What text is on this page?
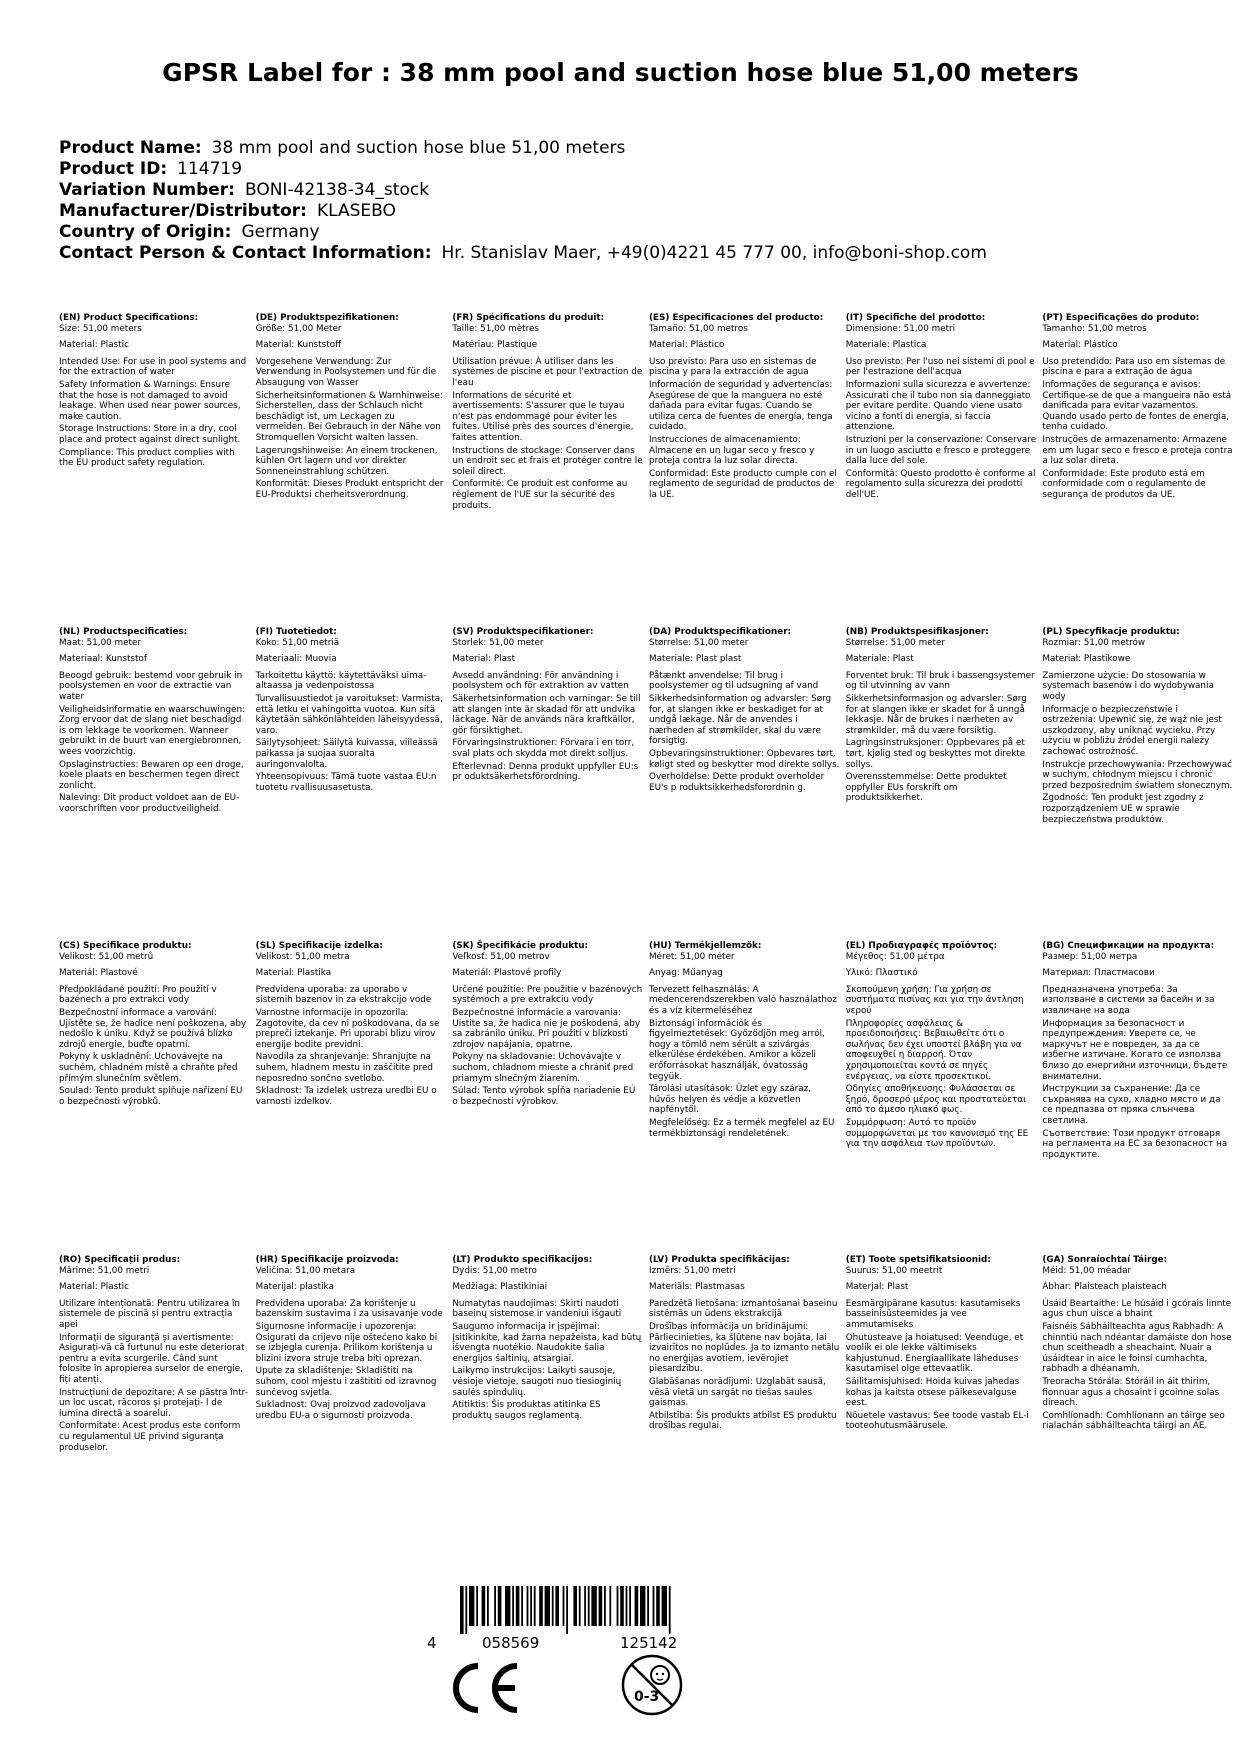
GPSR Label for : 38 mm pool and suction hose blue 51,00 meters
Product Name: 38 mm pool and suction hose blue 51,00 meters
Product ID: 114719
Variation Number: BONI-42138-34_stock
Manufacturer/Distributor: KLASEBO
Country of Origin: Germany
Contact Person & Contact Information: Hr. Stanislav Maer, +49(0)4221 45 777 00, info@boni-shop.com
(EN) Product Specifications:

Size: 51,00 meters

Material: Plastic

Intended Use: For use in pool systems and for the extraction of water

Safety Information & Warnings: Ensure that the hose is not damaged to avoid leakage. When used near power sources, make caution.

Storage Instructions: Store in a dry, cool place and protect against direct sunlight.

Compliance: This product complies with the EU product safety regulation.

(DE) Produktspezifikationen:

Größe: 51,00 Meter

Material: Kunststoff

Vorgesehene Verwendung: Zur Verwendung in Poolsystemen und für die Absaugung von Wasser

Sicherheitsinformationen & Warnhinweise: Sicherstellen, dass der Schlauch nicht beschädigt ist, um Leckagen zu vermeiden. Bei Gebrauch in der Nähe von Stromquellen Vorsicht walten lassen.

Lagerungshinweise: An einem trockenen, kühlen Ort lagern und vor direkter Sonneneinstrahlung schützen.

Konformität: Dieses Produkt entspricht der EU-Produktsi cherheitsverordnung.

(FR) Spécifications du produit:

Taille: 51,00 mètres

Matériau: Plastique

Utilisation prévue: À utiliser dans les systèmes de piscine et pour l'extraction de l'eau

Informations de sécurité et avertissements: S'assurer que le tuyau n'est pas endommagé pour éviter les fuites. Utilisé près des sources d'énergie, faites attention.

Instructions de stockage: Conserver dans un endroit sec et frais et protéger contre le soleil direct.

Conformité: Ce produit est conforme au règlement de l'UE sur la sécurité des produits.

(ES) Especificaciones del producto:

Tamaño: 51,00 metros

Material: Plástico

Uso previsto: Para uso en sistemas de piscina y para la extracción de agua

Información de seguridad y advertencias: Asegúrese de que la manguera no esté dañada para evitar fugas. Cuando se utiliza cerca de fuentes de energía, tenga cuidado.

Instrucciones de almacenamiento: Almacene en un lugar seco y fresco y proteja contra la luz solar directa.

Conformidad: Este producto cumple con el reglamento de seguridad de productos de la UE.

(IT) Specifiche del prodotto:

Dimensione: 51,00 metri

Materiale: Plastica

Uso previsto: Per l'uso nei sistemi di pool e per l'estrazione dell'acqua

Informazioni sulla sicurezza e avvertenze: Assicurati che il tubo non sia danneggiato per evitare perdite. Quando viene usato vicino a fonti di energia, si faccia attenzione.

Istruzioni per la conservazione: Conservare in un luogo asciutto e fresco e proteggere dalla luce del sole.

Conformità: Questo prodotto è conforme al regolamento sulla sicurezza dei prodotti dell'UE.

(PT) Especificações do produto:

Tamanho: 51,00 metros

Material: Plástico

Uso pretendido: Para uso em sistemas de piscina e para a extração de água

Informações de segurança e avisos: Certifique-se de que a mangueira não está danificada para evitar vazamentos. Quando usado perto de fontes de energia, tenha cuidado.

Instruções de armazenamento: Armazene em um lugar seco e fresco e proteja contra a luz solar direta.

Conformidade: Este produto está em conformidade com o regulamento de segurança de produtos da UE.

(NL) Productspecificaties:

Maat: 51,00 meter

Materiaal: Kunststof

Beoogd gebruik: bestemd voor gebruik in poolsystemen en voor de extractie van water

Veiligheidsinformatie en waarschuwingen: Zorg ervoor dat de slang niet beschadigd is om lekkage te voorkomen. Wanneer gebruikt in de buurt van energiebronnen, wees voorzichtig.

Opslaginstructies: Bewaren op een droge, koele plaats en beschermen tegen direct zonlicht.

Naleving: Dit product voldoet aan de EU-voorschriften voor productveiligheid.

(FI) Tuotetiedot:

Koko: 51,00 metriä

Materiaali: Muovia

Tarkoitettu käyttö: käytettäväksi uima-altaassa ja vedenpoistossa

Turvallisuustiedot ja varoitukset: Varmista, että letku ei vahingoitta vuotoa. Kun sitä käytetään sähkönlähteiden läheisyydessä, varo.

Säilytysohjeet: Säilytä kuivassa, viileässä paikassa ja suojaa suoralta auringonvalolta.

Yhteensopivuus: Tämä tuote vastaa EU:n tuotetu rvallisuusasetusta.

(SV) Produktspecifikationer:

Storlek: 51,00 meter

Material: Plast

Avsedd användning: För användning i poolsystem och för extraktion av vatten

Säkerhetsinformation och varningar: Se till att slangen inte är skadad för att undvika läckage. När de används nära kraftkällor, gör försiktighet.

Förvaringsinstruktioner: Förvara i en torr, sval plats och skydda mot direkt solljus.

Efterlevnad: Denna produkt uppfyller EU:s pr oduktsäkerhetsförordning.

(DA) Produktspecifikationer:

Størrelse: 51,00 meter

Materiale: Plast plast

Påtænkt anvendelse: Til brug i poolsystemer og til udsugning af vand

Sikkerhedsinformation og advarsler: Sørg for, at slangen ikke er beskadiget for at undgå lækage. Når de anvendes i nærheden af strømkilder, skal du være forsigtig.

Opbevaringsinstruktioner: Opbevares tørt, køligt sted og beskytter mod direkte sollys.

Overholdelse: Dette produkt overholder EU's p roduktsikkerhedsforordnin g.

(NB) Produktspesifikasjoner:

Størrelse: 51,00 meter

Materiale: Plast

Forventet bruk: Til bruk i bassengsystemer og til utvinning av vann

Sikkerhetsinformasjon og advarsler: Sørg for at slangen ikke er skadet for å unngå lekkasje. Når de brukes i nærheten av strømkilder, må du være forsiktig.

Lagringsinstruksjoner: Oppbevares på et tørt, kjølig sted og beskyttes mot direkte sollys.

Overensstemmelse: Dette produktet oppfyller EUs forskrift om produktsikkerhet.

(PL) Specyfikacje produktu:

Rozmiar: 51,00 metrów

Materiał: Plastikowe

Zamierzone użycie: Do stosowania w systemach basenów i do wydobywania wody

Informacje o bezpieczeństwie i ostrzeżenia: Upewnić się, że wąż nie jest uszkodzony, aby uniknąć wycieku. Przy użyciu w pobliżu źródeł energii należy zachować ostrożność.

Instrukcje przechowywania: Przechowywać w suchym, chłodnym miejscu i chronić przed bezpośrednim światłem słonecznym.

Zgodność: Ten produkt jest zgodny z rozporządzeniem UE w sprawie bezpieczeństwa produktów.

(CS) Specifikace produktu:

Velikost: 51,00 metrů

Materiál: Plastové

Předpokládané použití: Pro použití v bazénech a pro extrakci vody

Bezpečnostní informace a varování: Ujistěte se, že hadice není poškozena, aby nedošlo k úniku. Když se používá blízko zdrojů energie, buďte opatrní.

Pokyny k uskladnění: Uchovávejte na suchém, chladném místě a chraňte před přímým slunečním světlem.

Soulad: Tento produkt splňuje nařízení EU o bezpečnosti výrobků.

(SL) Specifikacije izdelka:

Velikost: 51,00 metra

Material: Plastika

Predvidena uporaba: za uporabo v sistemih bazenov in za ekstrakcijo vode

Varnostne informacije in opozorila: Zagotovite, da cev ni poškodovana, da se prepreči iztekanje. Pri uporabi blizu virov energije bodite previdni.

Navodila za shranjevanje: Shranjujte na suhem, hladnem mestu in zaščitite pred neposredno sončno svetlobo.

Skladnost: Ta izdelek ustreza uredbi EU o varnosti izdelkov.

(SK) Špecifikácie produktu:

Veľkosť: 51,00 metrov

Materiál: Plastové profily

Určené použitie: Pre použitie v bazénových systémoch a pre extrakciu vody

Bezpečnostné informácie a varovania: Uistite sa, že hadica nie je poškodená, aby sa zabránilo úniku. Pri použití v blízkosti zdrojov napájania, opatrne.

Pokyny na skladovanie: Uchovávajte v suchom, chladnom mieste a chrániť pred priamym slnečným žiarením.

Súlad: Tento výrobok spĺňa nariadenie EÚ o bezpečnosti výrobkov.

(HU) Termékjellemzők:

Méret: 51,00 méter

Anyag: Műanyag

Tervezett felhasználás: A medencerendszerekben való használathoz és a víz kitermeléséhez

Biztonsági információk és figyelmeztetések: Győződjön meg arról, hogy a tömlő nem sérült a szivárgás elkerülése érdekében. Amikor a közeli erőforrásokat használják, óvatosság tegyük.

Tárolási utasítások: Üzlet egy száraz, hűvös helyen és védje a közvetlen napfénytől.

Megfelelőség: Ez a termék megfelel az EU termékbiztonsági rendeletének.

(EL) Προδιαγραφές προϊόντος:

Μέγεθος: 51,00 μέτρα

Υλικό: Πλαστικό

Σκοπούμενη χρήση: Για χρήση σε συστήματα πισίνας και για την άντληση νερού

Πληροφορίες ασφάλειας & προειδοποιήσεις: Βεβαιωθείτε ότι ο σωλήνας δεν έχει υποστεί βλάβη για να αποφευχθεί η διαρροή. Όταν χρησιμοποιείται κοντά σε πηγές ενέργειας, να είστε προσεκτικοί.

Οδηγίες αποθήκευσης: Φυλάσσεται σε ξηρό, δροσερό μέρος και προστατεύεται από το άμεσο ηλιακό φως.

Συμμόρφωση: Αυτό το προϊόν συμμορφώνεται με τον κανονισμό της ΕΕ για την ασφάλεια των προϊόντων.

(BG) Спецификации на продукта:

Размер: 51,00 метра

Материал: Пластмасови

Предназначена употреба: За използване в системи за басейн и за извличане на вода

Информация за безопасност и предупреждения: Уверете се, че маркучът не е повреден, за да се избегне изтичане. Когато се използва близо до енергийни източници, бъдете внимателни.

Инструкции за съхранение: Да се съхранява на сухо, хладно място и да се предпазва от пряка слънчева светлина.

Съответствие: Този продукт отговаря на регламента на ЕС за безопасност на продуктите.

(RO) Specificații produs:

Mărime: 51,00 metri

Material: Plastic

Utilizare intenționată: Pentru utilizarea în sistemele de piscină și pentru extracția apei

Informații de siguranță și avertismente: Asigurați-vă că furtunul nu este deteriorat pentru a evita scurgerile. Când sunt folosite în apropierea surselor de energie, fiți atenți.

Instrucțiuni de depozitare: A se păstra într- un loc uscat, răcoros și protejați- l de lumina directă a soarelui.

Conformitate: Acest produs este conform cu regulamentul UE privind siguranța produselor.

(HR) Specifikacije proizvoda:

Veličina: 51,00 metara

Materijal: plastika

Predviđena uporaba: Za korištenje u bazenskim sustavima i za usisavanje vode

Sigurnosne informacije i upozorenja: Osigurati da crijevo nije oštećeno kako bi se izbjegla curenja. Prilikom korištenja u blizini izvora struje treba biti oprezan.

Upute za skladištenje: Skladištiti na suhom, cool mjestu i zaštititi od izravnog sunčevog svjetla.

Sukladnost: Ovaj proizvod zadovoljava uredbu EU-a o sigurnosti proizvoda.

(LT) Produkto specifikacijos:

Dydis: 51,00 metro

Medžiaga: Plastikiniai

Numatytas naudojimas: Skirti naudoti baseinų sistemose ir vandeniui išgauti

Saugumo informacija ir įspėjimai: Įsitikinkite, kad žarna nepažeista, kad būtų išvengta nuotėkio. Naudokite šalia energijos šaltinių, atsargiai.

Laikymo instrukcijos: Laikyti sausoje, vėsioje vietoje, saugoti nuo tiesioginių saulės spindulių.

Atitiktis: Šis produktas atitinka ES produktų saugos reglamentą.

(LV) Produkta specifikācijas:

Izmērs: 51,00 metri

Materiāls: Plastmasas

Paredzētā lietošana: izmantošanai baseinu sistēmās un ūdens ekstrakcijā

Drošības informācija un brīdinājumi: Pārliecinieties, ka šļūtene nav bojāta, lai izvairītos no noplūdes. Ja to izmanto netālu no enerģijas avotiem, ievērojiet piesardzību.

Glabāšanas norādījumi: Uzglabāt sausā, vēsā vietā un sargāt no tiešas saules gaismas.

Atbilstība: Šis produkts atbilst ES produktu drošības regulai.

(ET) Toote spetsifikatsioonid:

Suurus: 51,00 meetrit

Materjal: Plast

Eesmärgipärane kasutus: kasutamiseks basseinisüsteemides ja vee ammutamiseks

Ohutusteave ja hoiatused: Veenduge, et voolik ei ole lekke vältimiseks kahjustunud. Energiaallikate läheduses kasutamisel olge ettevaatlik.

Säilitamisjuhised: Hoida kuivas jahedas kohas ja kaitsta otsese päikesevalguse eest.

Nõuetele vastavus: See toode vastab EL-i tooteohutusmäärusele.

(GA) Sonraíochtaí Táirge:

Méid: 51,00 méadar

Ábhar: Plaisteach plaisteach

Úsáid Beartaithe: Le húsáid i gcórais linnte agus chun uisce a bhaint

Faisnéis Sábháilteachta agus Rabhadh: A chinntiú nach ndéantar damáiste don hose chun sceitheadh a sheachaint. Nuair a úsáidtear in aice le foinsí cumhachta, rabhadh a dhéanamh.

Treoracha Stórála: Stóráil in áit thirim, fionnuar agus a chosaint i gcoinne solas díreach.

Comhlíonadh: Comhlíonann an táirge seo rialachán sábháilteachta táirgí an AE.

4	058569	125142
0-3
